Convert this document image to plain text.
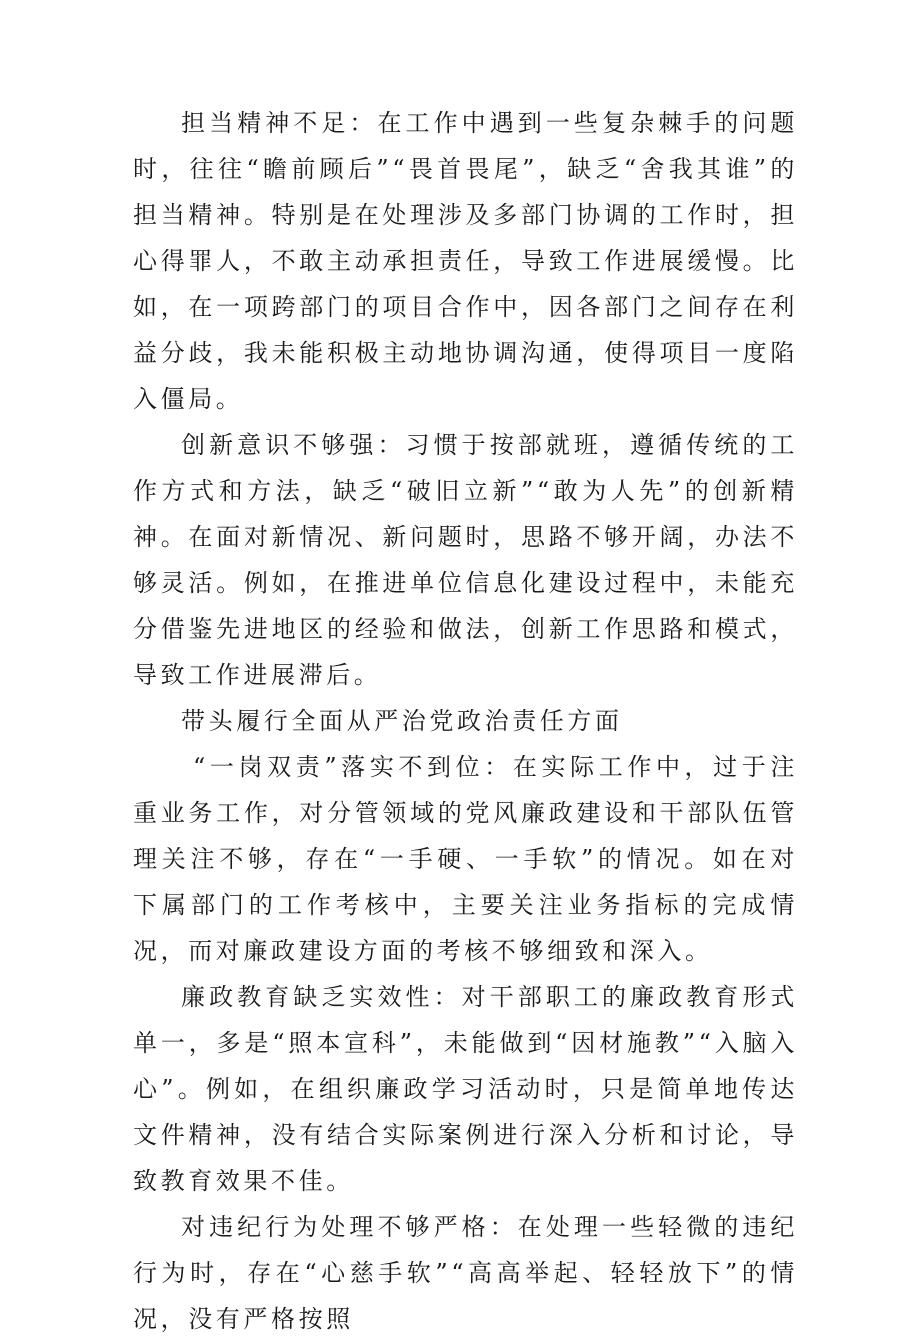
担当精神不足：在工作中遇到一些复杂棘手的问题时，往往“瞻前顾后”“畏首畏尾”，缺乏“舍我其谁”的担当精神。特别是在处理涉及多部门协调的工作时，担心得罪人，不敢主动承担责任，导致工作进展缓慢。比如，在一项跨部门的项目合作中，因各部门之间存在利益分歧，我未能积极主动地协调沟通，使得项目一度陷入僵局。

创新意识不够强：习惯于按部就班，遵循传统的工作方式和方法，缺乏“破旧立新”“敢为人先”的创新精神。在面对新情况、新问题时，思路不够开阔，办法不够灵活。例如，在推进单位信息化建设过程中，未能充分借鉴先进地区的经验和做法，创新工作思路和模式，导致工作进展滞后。

带头履行全面从严治党政治责任方面

“一岗双责”落实不到位：在实际工作中，过于注重业务工作，对分管领域的党风廉政建设和干部队伍管理关注不够，存在“一手硬、一手软”的情况。如在对下属部门的工作考核中，主要关注业务指标的完成情况，而对廉政建设方面的考核不够细致和深入。

廉政教育缺乏实效性：对干部职工的廉政教育形式单一，多是“照本宣科”，未能做到“因材施教”“入脑入心”。例如，在组织廉政学习活动时，只是简单地传达文件精神，没有结合实际案例进行深入分析和讨论，导致教育效果不佳。

对违纪行为处理不够严格：在处理一些轻微的违纪行为时，存在“心慈手软”“高高举起、轻轻放下”的情况，没有严格按照
